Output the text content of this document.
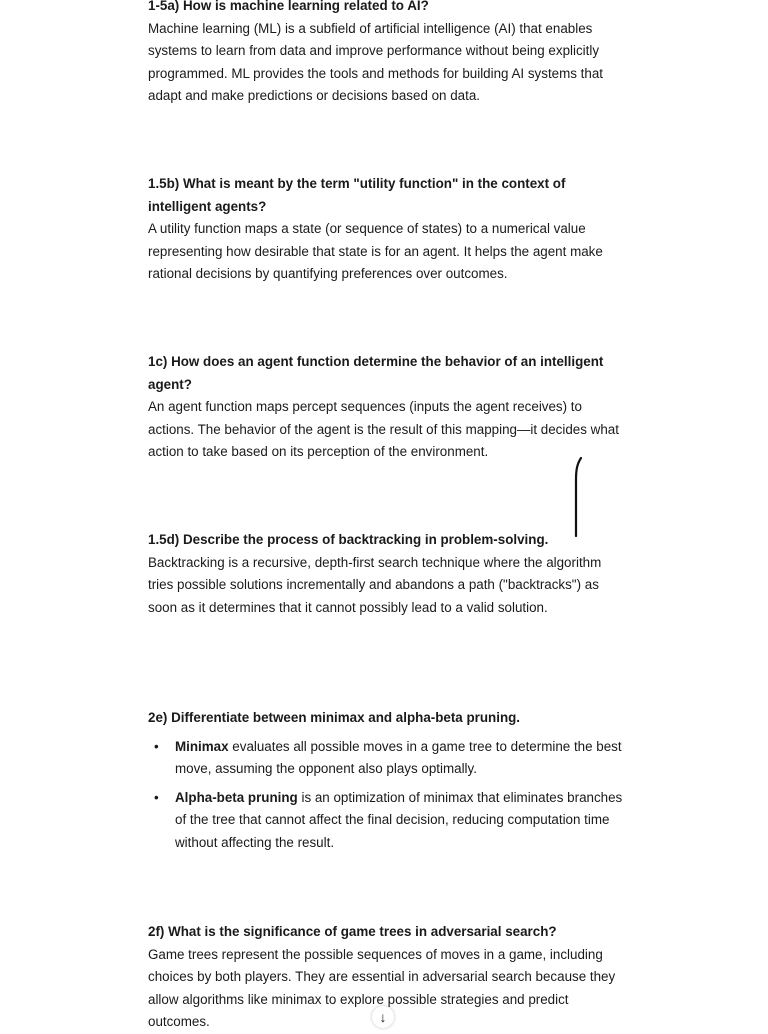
1-5a) How is machine learning related to AI?

Machine learning (ML) is a subfield of artificial intelligence (AI) that enables systems to learn from data and improve performance without being explicitly programmed. ML provides the tools and methods for building AI systems that adapt and make predictions or decisions based on data.

1.5b) What is meant by the term "utility function" in the context of intelligent agents?

A utility function maps a state (or sequence of states) to a numerical value representing how desirable that state is for an agent. It helps the agent make rational decisions by quantifying preferences over outcomes.

1c) How does an agent function determine the behavior of an intelligent agent?

An agent function maps percept sequences (inputs the agent receives) to actions. The behavior of the agent is the result of this mapping—it decides what action to take based on its perception of the environment.

1.5d) Describe the process of backtracking in problem-solving.

Backtracking is a recursive, depth-first search technique where the algorithm tries possible solutions incrementally and abandons a path ("backtracks") as soon as it determines that it cannot possibly lead to a valid solution.

2e) Differentiate between minimax and alpha-beta pruning.

• Minimax evaluates all possible moves in a game tree to determine the best move, assuming the opponent also plays optimally.
• Alpha-beta pruning is an optimization of minimax that eliminates branches of the tree that cannot affect the final decision, reducing computation time without affecting the result.

2f) What is the significance of game trees in adversarial search?

Game trees represent the possible sequences of moves in a game, including choices by both players. They are essential in adversarial search because they allow algorithms like minimax to explore possible strategies and predict outcomes.	↓
